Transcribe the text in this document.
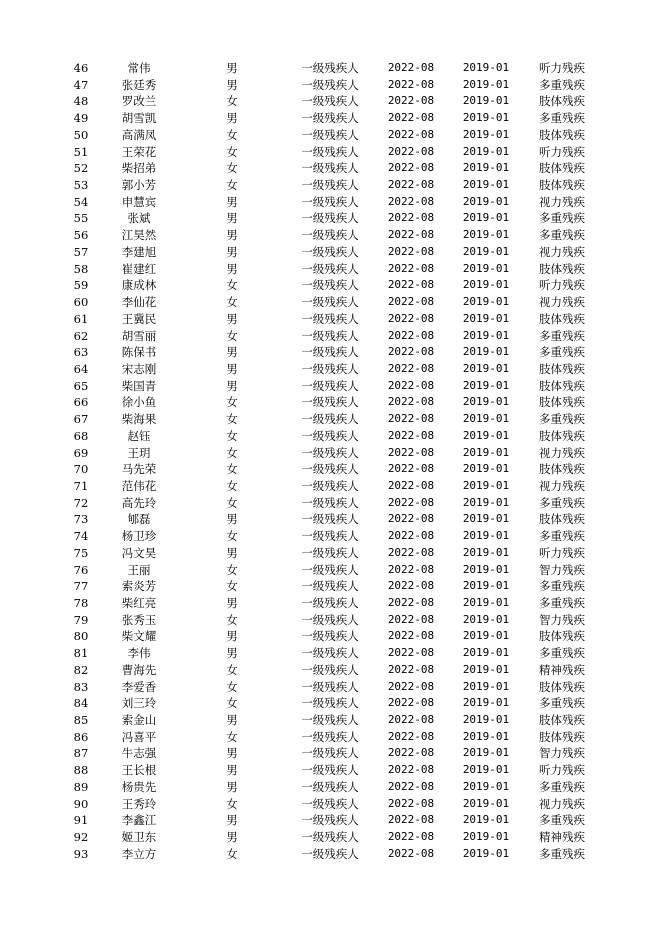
46	常伟	男	一级残疾人	2022-08	2019-01	听力残疾
47	张廷秀	男	一级残疾人	2022-08	2019-01	多重残疾
48	罗改兰	女	一级残疾人	2022-08	2019-01	肢体残疾
49	胡雪凯	男	一级残疾人	2022-08	2019-01	多重残疾
50	高满凤	女	一级残疾人	2022-08	2019-01	肢体残疾
51	王荣花	女	一级残疾人	2022-08	2019-01	听力残疾
52	柴招弟	女	一级残疾人	2022-08	2019-01	肢体残疾
53	郭小芳	女	一级残疾人	2022-08	2019-01	肢体残疾
54	申慧宾	男	一级残疾人	2022-08	2019-01	视力残疾
55	张斌	男	一级残疾人	2022-08	2019-01	多重残疾
56	江昊然	男	一级残疾人	2022-08	2019-01	多重残疾
57	李建旭	男	一级残疾人	2022-08	2019-01	视力残疾
58	崔建红	男	一级残疾人	2022-08	2019-01	肢体残疾
59	康成林	女	一级残疾人	2022-08	2019-01	听力残疾
60	李仙花	女	一级残疾人	2022-08	2019-01	视力残疾
61	王冀民	男	一级残疾人	2022-08	2019-01	肢体残疾
62	胡雪丽	女	一级残疾人	2022-08	2019-01	多重残疾
63	陈保书	男	一级残疾人	2022-08	2019-01	多重残疾
64	宋志刚	男	一级残疾人	2022-08	2019-01	肢体残疾
65	柴国青	男	一级残疾人	2022-08	2019-01	肢体残疾
66	徐小鱼	女	一级残疾人	2022-08	2019-01	肢体残疾
67	柴海果	女	一级残疾人	2022-08	2019-01	多重残疾
68	赵钰	女	一级残疾人	2022-08	2019-01	肢体残疾
69	王玥	女	一级残疾人	2022-08	2019-01	视力残疾
70	马先荣	女	一级残疾人	2022-08	2019-01	肢体残疾
71	范伟花	女	一级残疾人	2022-08	2019-01	视力残疾
72	高先玲	女	一级残疾人	2022-08	2019-01	多重残疾
73	郇磊	男	一级残疾人	2022-08	2019-01	肢体残疾
74	杨卫珍	女	一级残疾人	2022-08	2019-01	多重残疾
75	冯文昊	男	一级残疾人	2022-08	2019-01	听力残疾
76	王丽	女	一级残疾人	2022-08	2019-01	智力残疾
77	索炎芳	女	一级残疾人	2022-08	2019-01	多重残疾
78	柴红亮	男	一级残疾人	2022-08	2019-01	多重残疾
79	张秀玉	女	一级残疾人	2022-08	2019-01	智力残疾
80	柴文耀	男	一级残疾人	2022-08	2019-01	肢体残疾
81	李伟	男	一级残疾人	2022-08	2019-01	多重残疾
82	曹海先	女	一级残疾人	2022-08	2019-01	精神残疾
83	李爱香	女	一级残疾人	2022-08	2019-01	肢体残疾
84	刘三玲	女	一级残疾人	2022-08	2019-01	多重残疾
85	索金山	男	一级残疾人	2022-08	2019-01	肢体残疾
86	冯喜平	女	一级残疾人	2022-08	2019-01	肢体残疾
87	牛志强	男	一级残疾人	2022-08	2019-01	智力残疾
88	王长根	男	一级残疾人	2022-08	2019-01	听力残疾
89	杨贵先	男	一级残疾人	2022-08	2019-01	多重残疾
90	王秀玲	女	一级残疾人	2022-08	2019-01	视力残疾
91	李鑫江	男	一级残疾人	2022-08	2019-01	多重残疾
92	姬卫东	男	一级残疾人	2022-08	2019-01	精神残疾
93	李立方	女	一级残疾人	2022-08	2019-01	多重残疾
